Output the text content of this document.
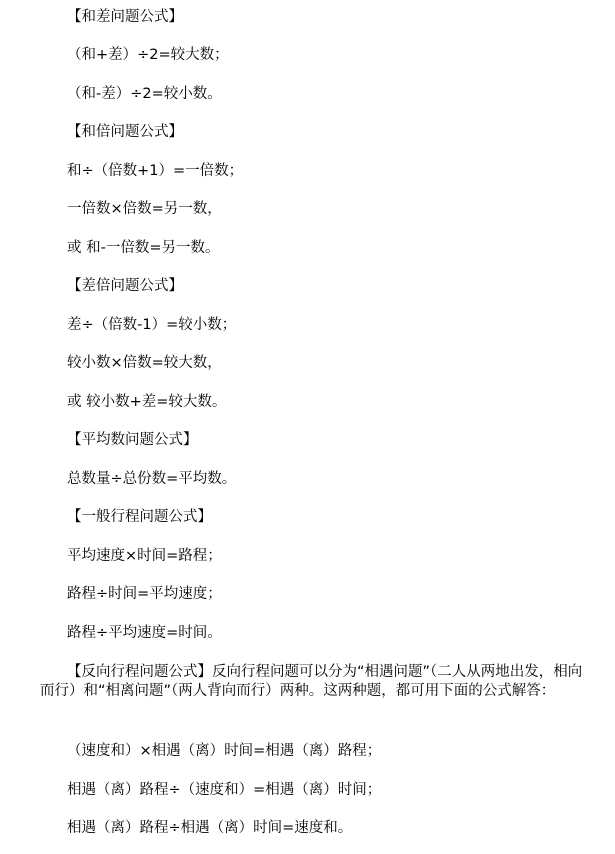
【和差问题公式】
（和+差）÷2=较大数；
（和-差）÷2=较小数。
【和倍问题公式】
和÷（倍数+1）=一倍数；
一倍数×倍数=另一数，
或 和-一倍数=另一数。
【差倍问题公式】
差÷（倍数-1）=较小数；
较小数×倍数=较大数，
或 较小数+差=较大数。
【平均数问题公式】
总数量÷总份数=平均数。
【一般行程问题公式】
平均速度×时间=路程；
路程÷时间=平均速度；
路程÷平均速度=时间。
【反向行程问题公式】反向行程问题可以分为“相遇问题”（二人从两地出发，相向而行）和“相离问题”（两人背向而行）两种。这两种题，都可用下面的公式解答：
（速度和）×相遇（离）时间=相遇（离）路程；
相遇（离）路程÷（速度和）=相遇（离）时间；
相遇（离）路程÷相遇（离）时间=速度和。
